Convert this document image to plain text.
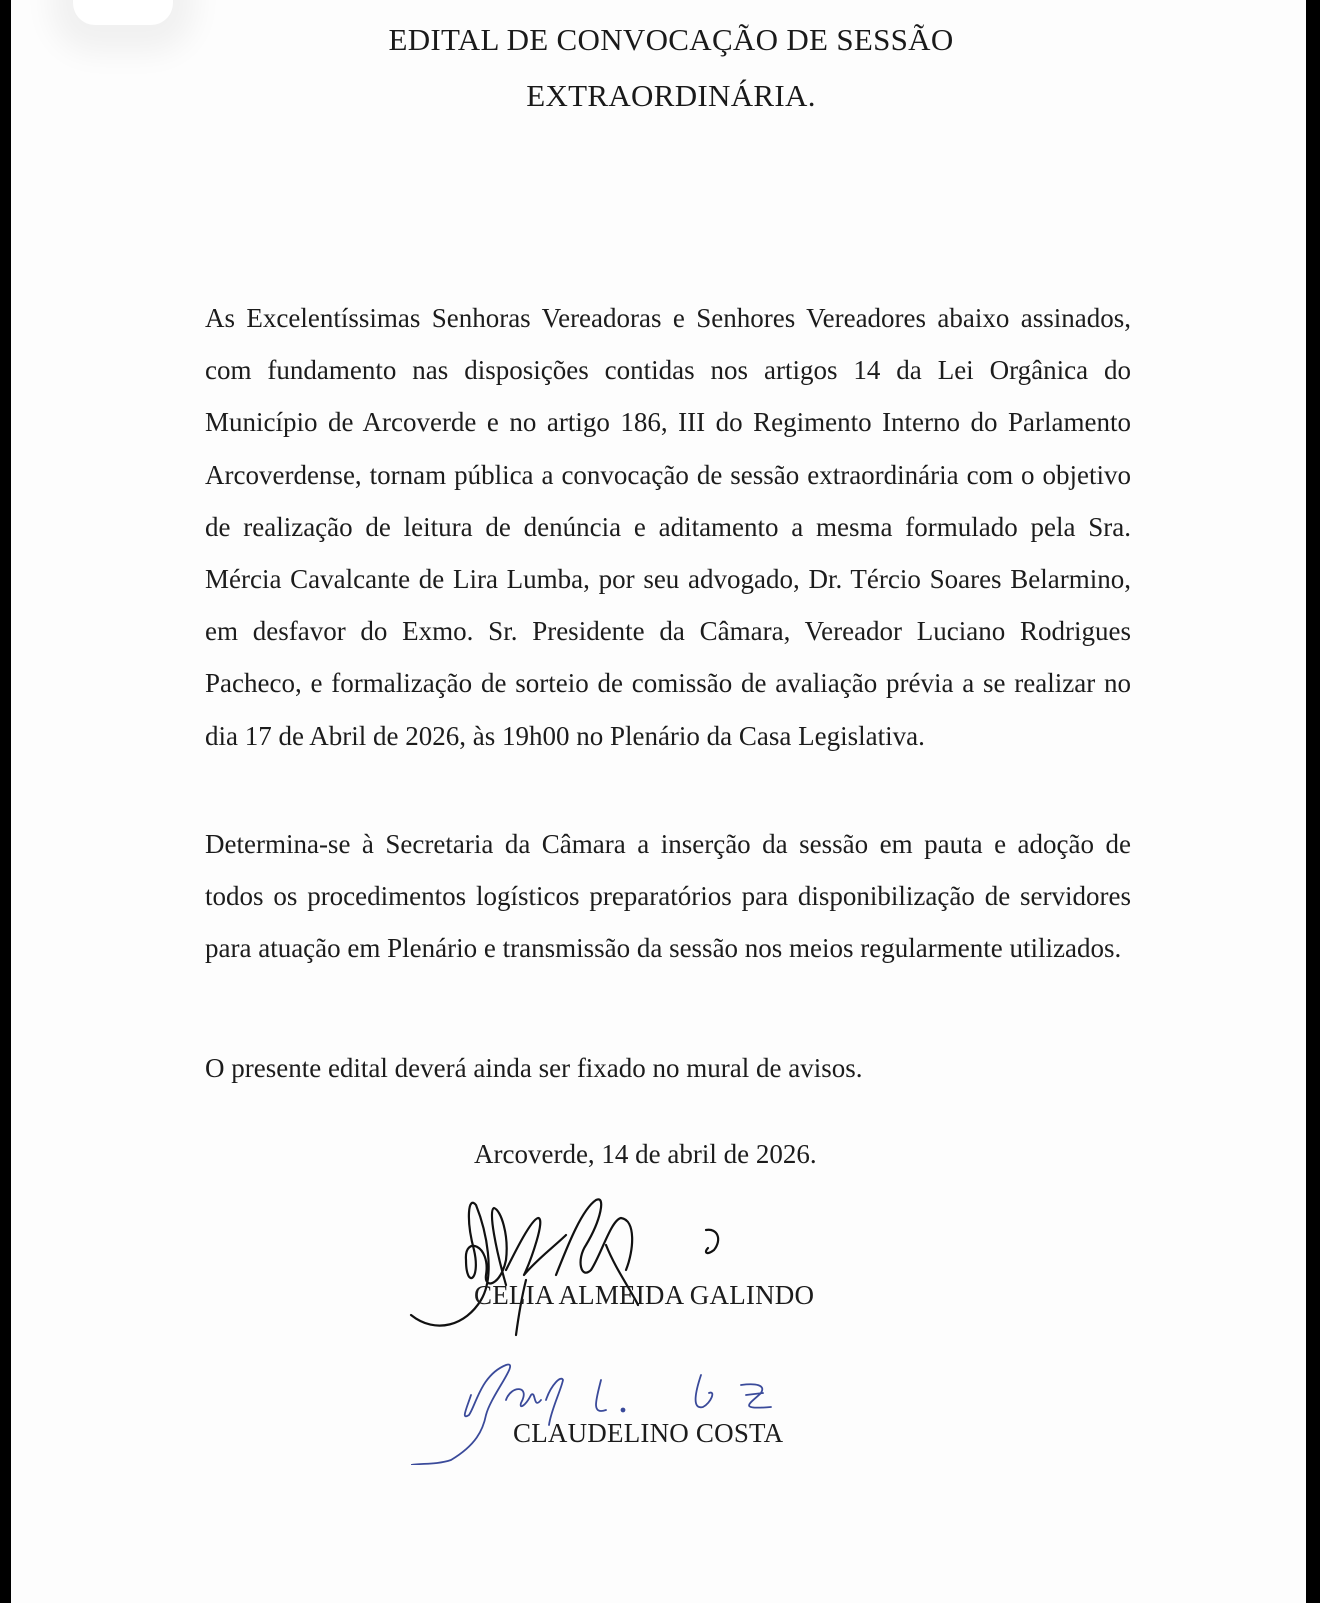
EDITAL DE CONVOCAÇÃO DE SESSÃO
EXTRAORDINÁRIA.

As Excelentíssimas Senhoras Vereadoras e Senhores Vereadores abaixo assinados, com fundamento nas disposições contidas nos artigos 14 da Lei Orgânica do Município de Arcoverde e no artigo 186, III do Regimento Interno do Parlamento Arcoverdense, tornam pública a convocação de sessão extraordinária com o objetivo de realização de leitura de denúncia e aditamento a mesma formulado pela Sra. Mércia Cavalcante de Lira Lumba, por seu advogado, Dr. Tércio Soares Belarmino, em desfavor do Exmo. Sr. Presidente da Câmara, Vereador Luciano Rodrigues Pacheco, e formalização de sorteio de comissão de avaliação prévia a se realizar no dia 17 de Abril de 2026, às 19h00 no Plenário da Casa Legislativa.

Determina-se à Secretaria da Câmara a inserção da sessão em pauta e adoção de todos os procedimentos logísticos preparatórios para disponibilização de servidores para atuação em Plenário e transmissão da sessão nos meios regularmente utilizados.

O presente edital deverá ainda ser fixado no mural de avisos.

Arcoverde, 14 de abril de 2026.
CELIA ALMEIDA GALINDO
CLAUDELINO COSTA
